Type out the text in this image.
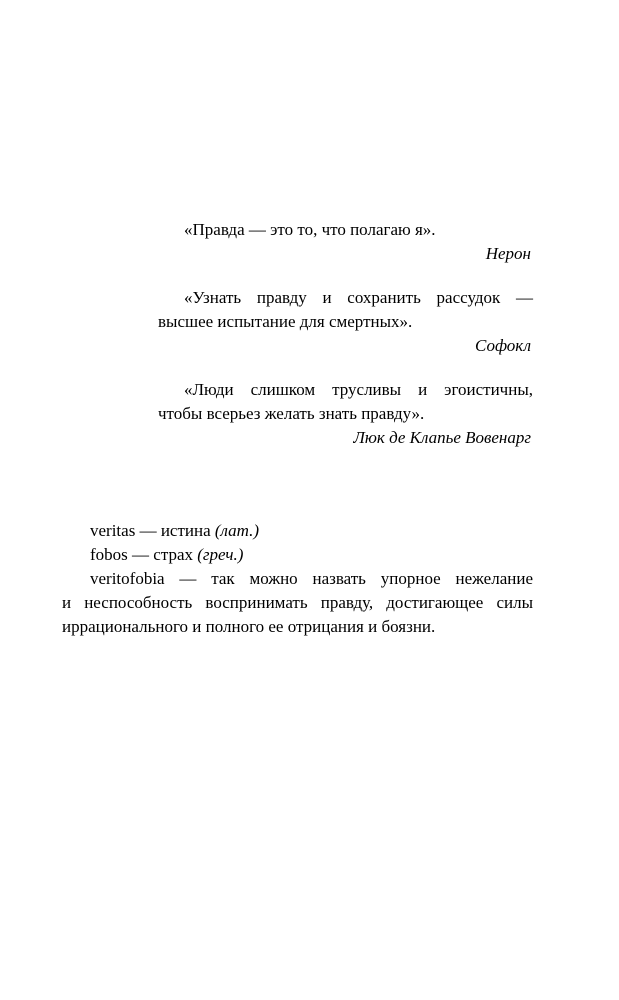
«Правда — это то, что полагаю я».
Нерон
«Узнать правду и сохранить рассудок —
высшее испытание для смертных».
Софокл
«Люди слишком трусливы и эгоистичны,
чтобы всерьез желать знать правду».
Люк де Клапье Вовенарг
veritas — истина (лат.)
fobos — страх (греч.)
veritofobia — так можно назвать упорное нежелание
и неспособность воспринимать правду, достигающее силы
иррационального и полного ее отрицания и боязни.
